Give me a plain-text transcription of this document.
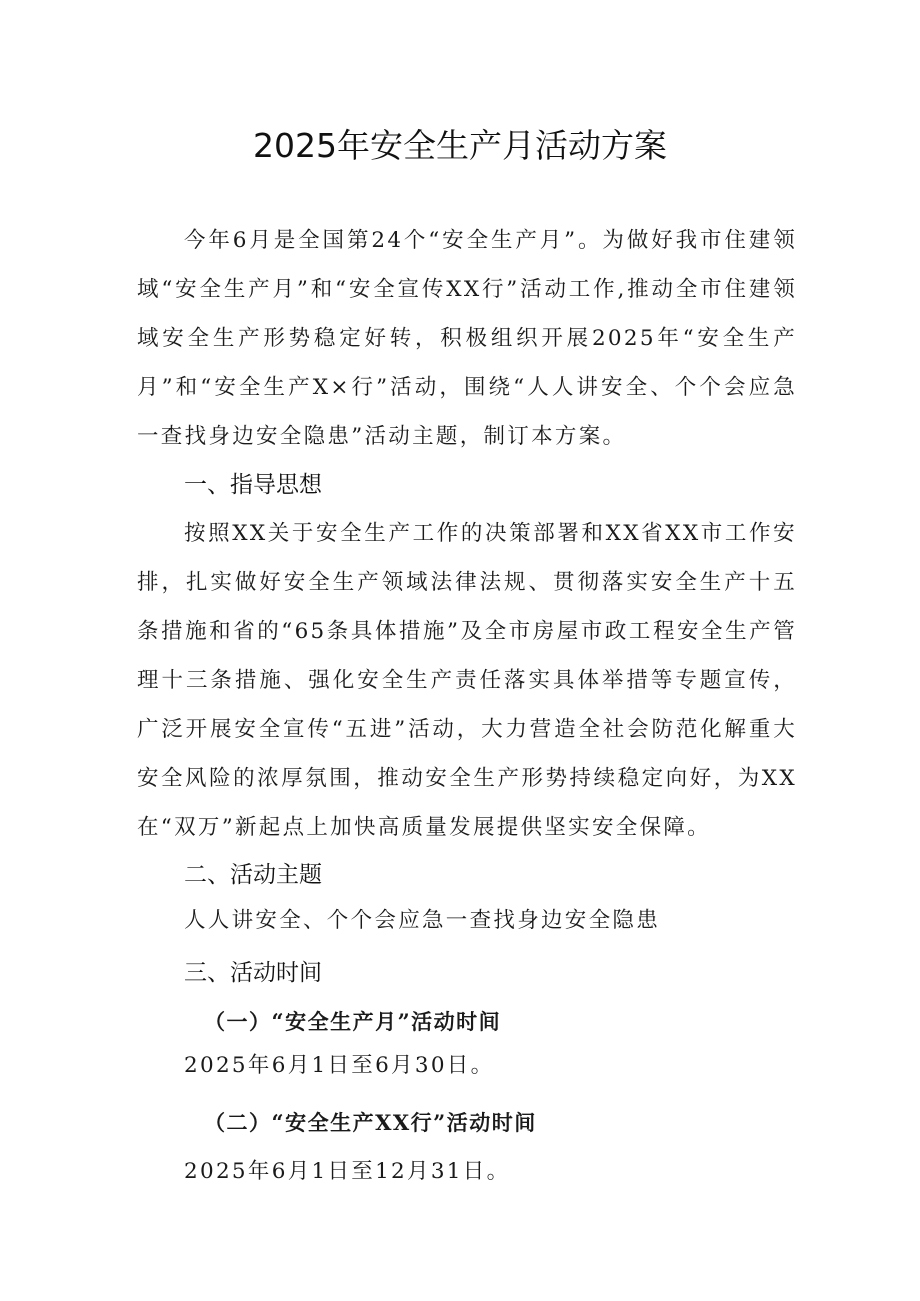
2025年安全生产月活动方案

今年6月是全国第24个“安全生产月”。为做好我市住建领域“安全生产月”和“安全宣传XX行”活动工作,推动全市住建领域安全生产形势稳定好转，积极组织开展2025年“安全生产月”和“安全生产X×行”活动，围绕“人人讲安全、个个会应急一查找身边安全隐患”活动主题，制订本方案。

一、指导思想

按照XX关于安全生产工作的决策部署和XX省XX市工作安排，扎实做好安全生产领域法律法规、贯彻落实安全生产十五条措施和省的“65条具体措施”及全市房屋市政工程安全生产管理十三条措施、强化安全生产责任落实具体举措等专题宣传，广泛开展安全宣传“五进”活动，大力营造全社会防范化解重大安全风险的浓厚氛围，推动安全生产形势持续稳定向好，为XX在“双万”新起点上加快高质量发展提供坚实安全保障。

二、活动主题
人人讲安全、个个会应急一查找身边安全隐患
三、活动时间
（一）“安全生产月”活动时间
2025年6月1日至6月30日。
（二）“安全生产XX行”活动时间
2025年6月1日至12月31日。
